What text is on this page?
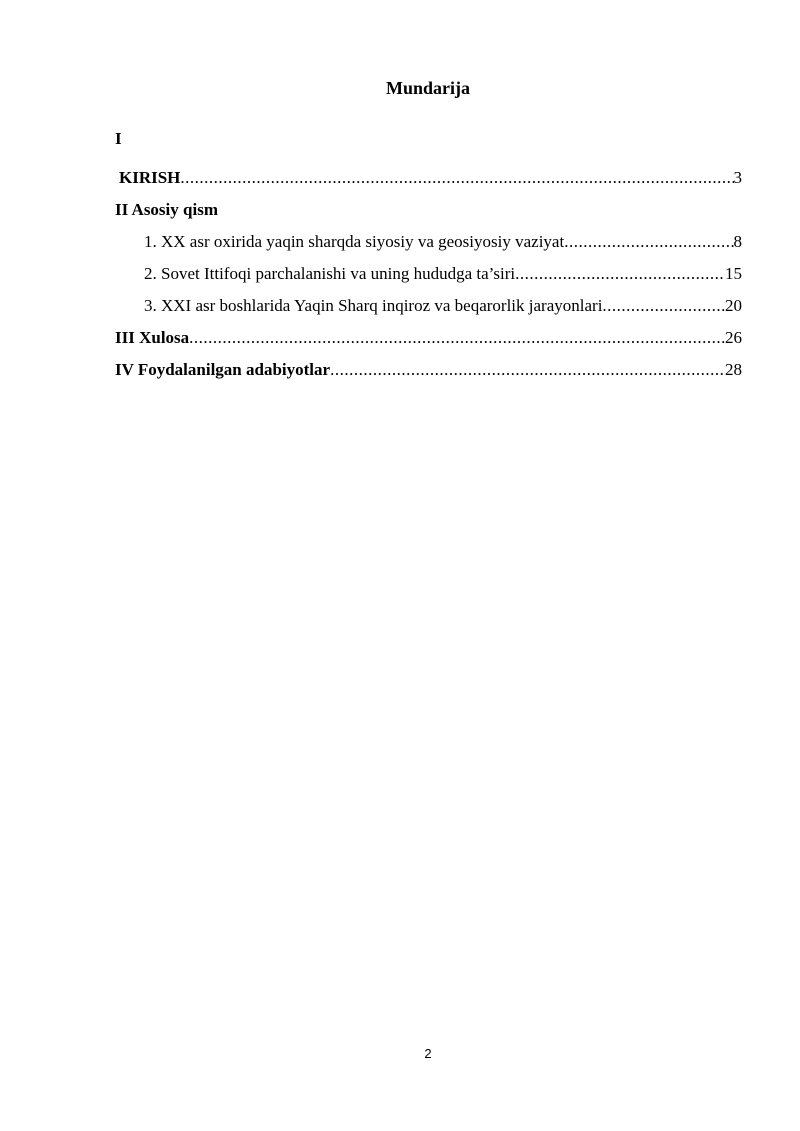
Mundarija
I
KIRISH .....	3
II Asosiy qism
1. XX asr oxirida yaqin sharqda siyosiy va geosiyosiy vaziyat .....	8
2. Sovet Ittifoqi parchalanishi va uning hududga ta’siri .....	15
3. XXI asr boshlarida Yaqin Sharq inqiroz va beqarorlik jarayonlari .....	20
III Xulosa .....	26
IV Foydalanilgan adabiyotlar .....	28
2
